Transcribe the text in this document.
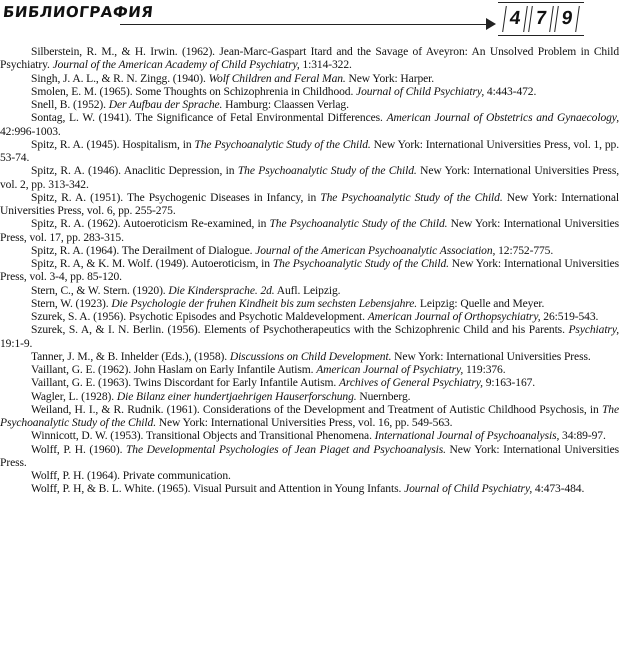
БИБЛИОГРАФИЯ	4 7 9

Silberstein, R. M., & H. Irwin. (1962). Jean-Marc-Gaspart Itard and the Savage of Aveyron: An Unsolved Problem in Child Psychiatry. Journal of the American Academy of Child Psychiatry, 1:314-322.

Singh, J. A. L., & R. N. Zingg. (1940). Wolf Children and Feral Man. New York: Harper.

Smolen, E. M. (1965). Some Thoughts on Schizophrenia in Childhood. Journal of Child Psychiatry, 4:443-472.

Snell, B. (1952). Der Aufbau der Sprache. Hamburg: Claassen Verlag.

Sontag, L. W. (1941). The Significance of Fetal Environmental Differences. American Journal of Obstetrics and Gynaecology, 42:996-1003.

Spitz, R. A. (1945). Hospitalism, in The Psychoanalytic Study of the Child. New York: International Universities Press, vol. 1, pp. 53-74.

Spitz, R. A. (1946). Anaclitic Depression, in The Psychoanalytic Study of the Child. New York: International Universities Press, vol. 2, pp. 313-342.

Spitz, R. A. (1951). The Psychogenic Diseases in Infancy, in The Psychoanalytic Study of the Child. New York: International Universities Press, vol. 6, pp. 255-275.

Spitz, R. A. (1962). Autoeroticism Re-examined, in The Psychoanalytic Study of the Child. New York: International Universities Press, vol. 17, pp. 283-315.

Spitz, R. A. (1964). The Derailment of Dialogue. Journal of the American Psychoanalytic Association, 12:752-775.

Spitz, R. A, & K. M. Wolf. (1949). Autoeroticism, in The Psychoanalytic Study of the Child. New York: International Universities Press, vol. 3-4, pp. 85-120.

Stern, C., & W. Stern. (1920). Die Kindersprache. 2d. Aufl. Leipzig.

Stern, W. (1923). Die Psychologie der fruhen Kindheit bis zum sechsten Lebensjahre. Leipzig: Quelle and Meyer.

Szurek, S. A. (1956). Psychotic Episodes and Psychotic Maldevelopment. American Journal of Orthopsychiatry, 26:519-543.

Szurek, S. A, & I. N. Berlin. (1956). Elements of Psychotherapeutics with the Schizophrenic Child and his Parents. Psychiatry, 19:1-9.

Tanner, J. M., & B. Inhelder (Eds.), (1958). Discussions on Child Development. New York: International Universities Press.

Vaillant, G. E. (1962). John Haslam on Early Infantile Autism. American Journal of Psychiatry, 119:376.

Vaillant, G. E. (1963). Twins Discordant for Early Infantile Autism. Archives of General Psychiatry, 9:163-167.

Wagler, L. (1928). Die Bilanz einer hundertjaehrigen Hauserforschung. Nuernberg.

Weiland, H. I., & R. Rudnik. (1961). Considerations of the Development and Treatment of Autistic Childhood Psychosis, in The Psychoanalytic Study of the Child. New York: International Universities Press, vol. 16, pp. 549-563.

Winnicott, D. W. (1953). Transitional Objects and Transitional Phenomena. International Journal of Psychoanalysis, 34:89-97.

Wolff, P. H. (1960). The Developmental Psychologies of Jean Piaget and Psychoanalysis. New York: International Universities Press.

Wolff, P. H. (1964). Private communication.

Wolff, P. H, & B. L. White. (1965). Visual Pursuit and Attention in Young Infants. Journal of Child Psychiatry, 4:473-484.
